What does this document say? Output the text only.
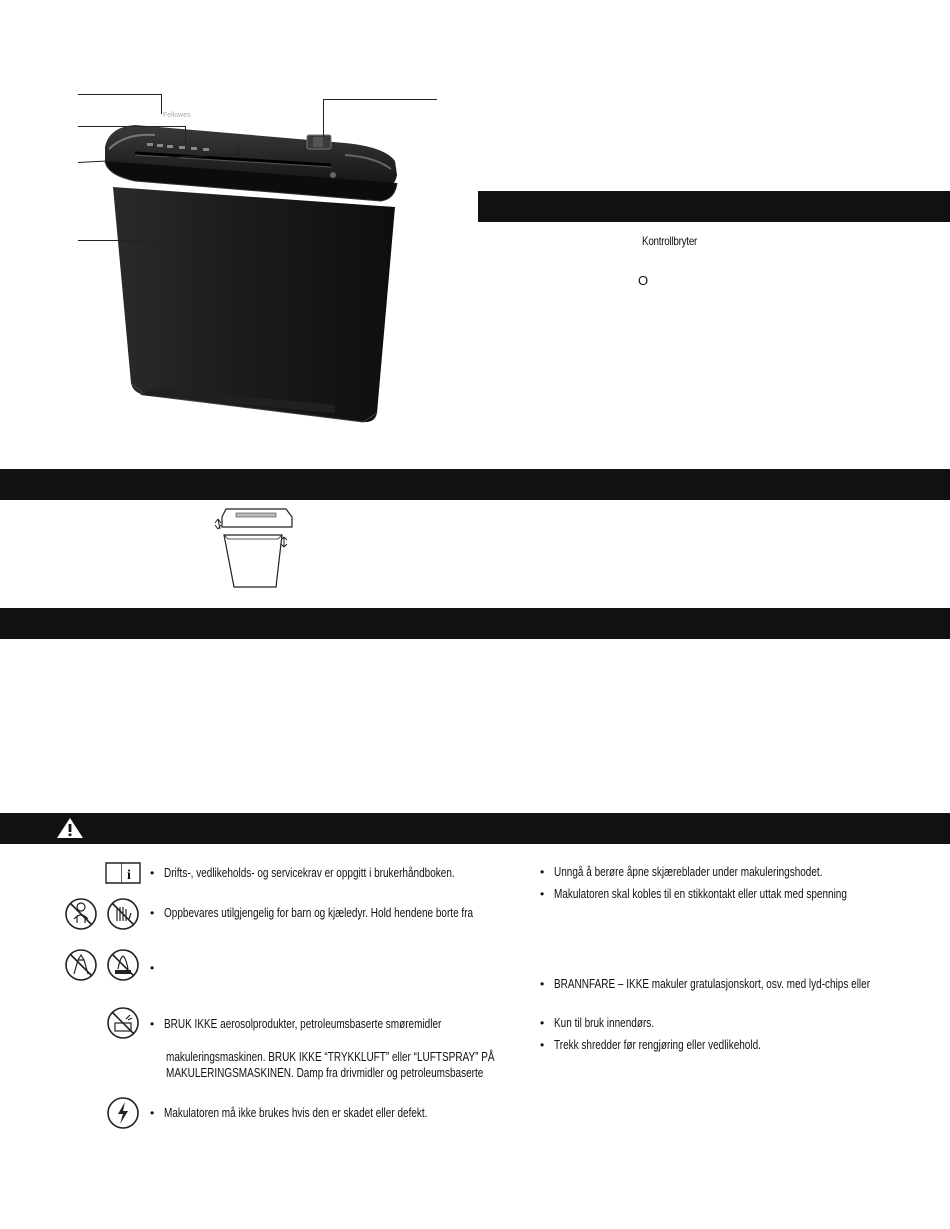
Fellowes
Kontrollbryter
O
i • Drifts-, vedlikeholds- og servicekrav er oppgitt i brukerhåndboken.
• Oppbevares utilgjengelig for barn og kjæledyr. Hold hendene borte fra
•
• BRUK IKKE aerosolprodukter, petroleumsbaserte smøremidler
makuleringsmaskinen. BRUK IKKE “TRYKKLUFT” eller “LUFTSPRAY” PÅ
MAKULERINGSMASKINEN. Damp fra drivmidler og petroleumsbaserte
• Makulatoren må ikke brukes hvis den er skadet eller defekt.
• Unngå å berøre åpne skjæreblader under makuleringshodet.
• Makulatoren skal kobles til en stikkontakt eller uttak med spenning
• BRANNFARE – IKKE makuler gratulasjonskort, osv. med lyd-chips eller
• Kun til bruk innendørs.
• Trekk shredder før rengjøring eller vedlikehold.
